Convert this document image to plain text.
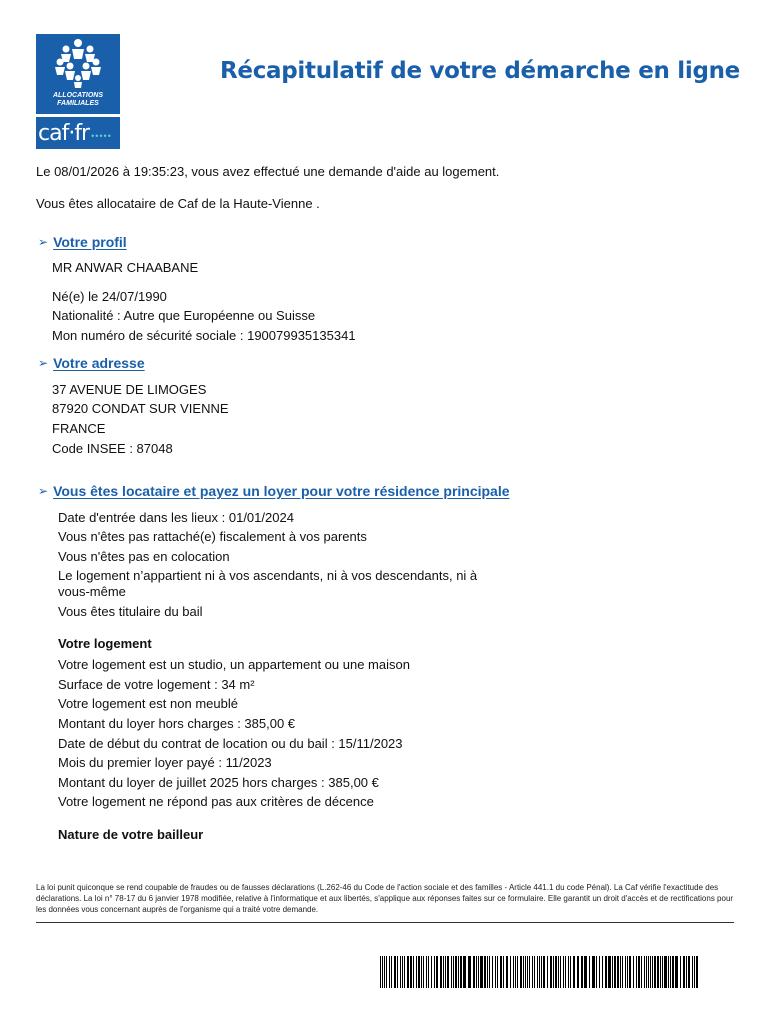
ALLOCATIONS
FAMILIALES
caf·fr •••••
Récapitulatif de votre démarche en ligne

Le 08/01/2026 à 19:35:23, vous avez effectué une demande d'aide au logement.

Vous êtes allocataire de Caf de la Haute-Vienne .

➢ Votre profil

MR ANWAR CHAABANE

Né(e) le 24/07/1990

Nationalité : Autre que Européenne ou Suisse

Mon numéro de sécurité sociale : 190079935135341

➢ Votre adresse

37 AVENUE DE LIMOGES

87920 CONDAT SUR VIENNE

FRANCE

Code INSEE : 87048

➢ Vous êtes locataire et payez un loyer pour votre résidence principale

Date d'entrée dans les lieux : 01/01/2024

Vous n'êtes pas rattaché(e) fiscalement à vos parents

Vous n'êtes pas en colocation

Le logement n’appartient ni à vos ascendants, ni à vos descendants, ni à

vous-même

Vous êtes titulaire du bail

Votre logement

Votre logement est un studio, un appartement ou une maison

Surface de votre logement : 34 m²

Votre logement est non meublé

Montant du loyer hors charges : 385,00 €

Date de début du contrat de location ou du bail : 15/11/2023

Mois du premier loyer payé : 11/2023

Montant du loyer de juillet 2025 hors charges : 385,00 €

Votre logement ne répond pas aux critères de décence

Nature de votre bailleur

La loi punit quiconque se rend coupable de fraudes ou de fausses déclarations (L.262-46 du Code de l'action sociale et des familles - Article 441.1 du code Pénal). La Caf vérifie l'exactitude des déclarations. La loi n° 78-17 du 6 janvier 1978 modifiée, relative à l'informatique et aux libertés, s'applique aux réponses faites sur ce formulaire. Elle garantit un droit d'accès et de rectifications pour les données vous concernant auprès de l'organisme qui a traité votre demande.
